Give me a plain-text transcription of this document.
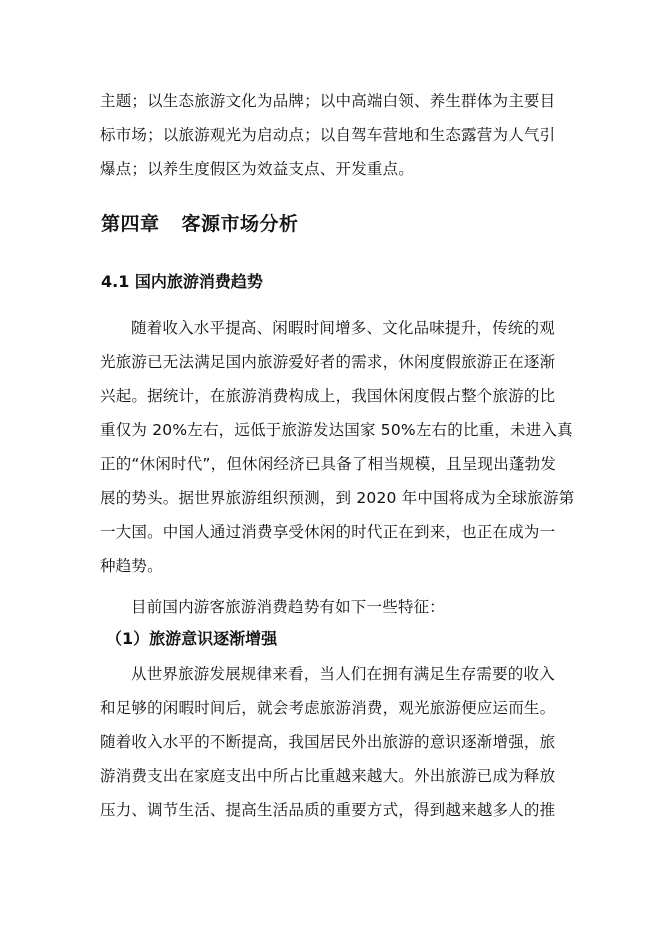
主题；以生态旅游文化为品牌；以中高端白领、养生群体为主要目
标市场；以旅游观光为启动点；以自驾车营地和生态露营为人气引
爆点；以养生度假区为效益支点、开发重点。
第四章 客源市场分析
4.1 国内旅游消费趋势
随着收入水平提高、闲暇时间增多、文化品味提升，传统的观
光旅游已无法满足国内旅游爱好者的需求，休闲度假旅游正在逐渐
兴起。据统计，在旅游消费构成上，我国休闲度假占整个旅游的比
重仅为 20%左右，远低于旅游发达国家 50%左右的比重，未进入真
正的“休闲时代”，但休闲经济已具备了相当规模，且呈现出蓬勃发
展的势头。据世界旅游组织预测，到 2020 年中国将成为全球旅游第
一大国。中国人通过消费享受休闲的时代正在到来，也正在成为一
种趋势。
目前国内游客旅游消费趋势有如下一些特征：
（1）旅游意识逐渐增强
从世界旅游发展规律来看，当人们在拥有满足生存需要的收入
和足够的闲暇时间后，就会考虑旅游消费，观光旅游便应运而生。
随着收入水平的不断提高，我国居民外出旅游的意识逐渐增强，旅
游消费支出在家庭支出中所占比重越来越大。外出旅游已成为释放
压力、调节生活、提高生活品质的重要方式，得到越来越多人的推
